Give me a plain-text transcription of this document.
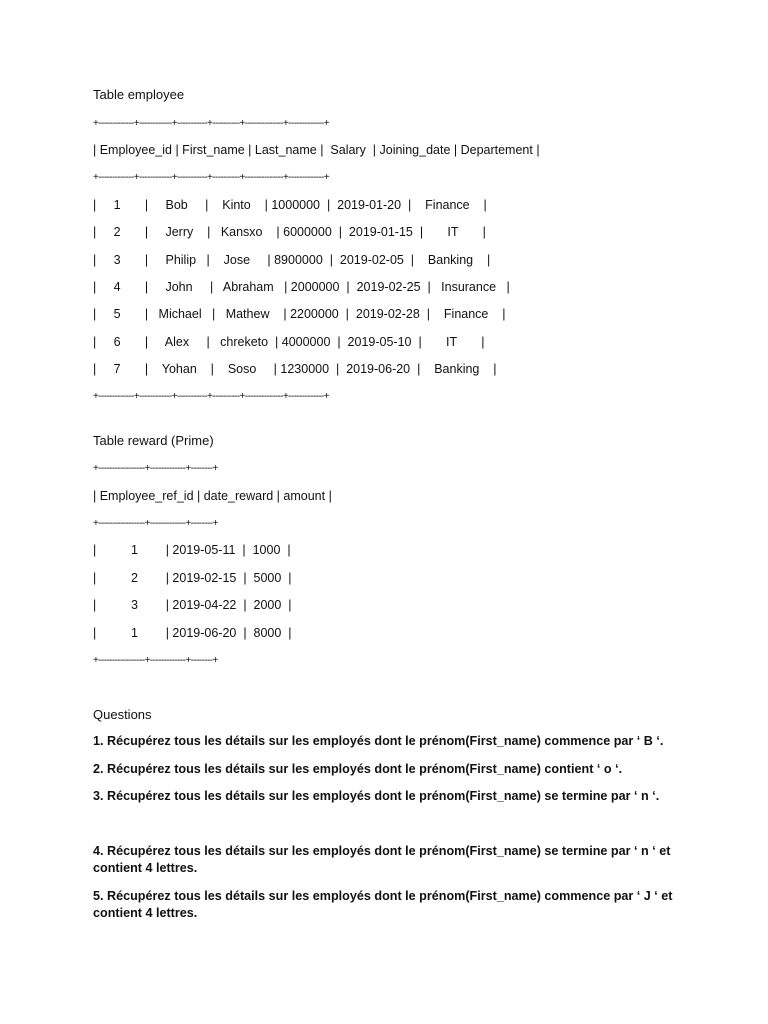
Table employee
+-------------+------------+-----------+----------+--------------+-------------+
| Employee_id | First_name | Last_name |  Salary  | Joining_date | Departement |
+-------------+------------+-----------+----------+--------------+-------------+
|     1       |     Bob     |    Kinto    | 1000000  |  2019-01-20  |    Finance    |
|     2       |     Jerry    |   Kansxo    | 6000000  |  2019-01-15  |       IT       |
|     3       |     Philip   |    Jose     | 8900000  |  2019-02-05  |    Banking    |
|     4       |     John     |   Abraham   | 2000000  |  2019-02-25  |   Insurance   |
|     5       |   Michael   |   Mathew    | 2200000  |  2019-02-28  |    Finance    |
|     6       |     Alex     |   chreketo  | 4000000  |  2019-05-10  |       IT       |
|     7       |    Yohan    |    Soso     | 1230000  |  2019-06-20  |    Banking    |
+-------------+------------+-----------+----------+--------------+-------------+
Table reward (Prime)
+-----------------+-------------+--------+
| Employee_ref_id | date_reward | amount |
+-----------------+-------------+--------+
|          1        | 2019-05-11  |  1000  |
|          2        | 2019-02-15  |  5000  |
|          3        | 2019-04-22  |  2000  |
|          1        | 2019-06-20  |  8000  |
+-----------------+-------------+--------+
Questions
1. Récupérez tous les détails sur les employés dont le prénom(First_name) commence par ‘ B ‘.
2. Récupérez tous les détails sur les employés dont le prénom(First_name) contient ‘ o ‘.
3. Récupérez tous les détails sur les employés dont le prénom(First_name) se termine par ‘ n ‘.
4. Récupérez tous les détails sur les employés dont le prénom(First_name) se termine par ‘ n ‘ et contient 4 lettres.
5. Récupérez tous les détails sur les employés dont le prénom(First_name) commence par ‘ J ‘ et contient 4 lettres.
